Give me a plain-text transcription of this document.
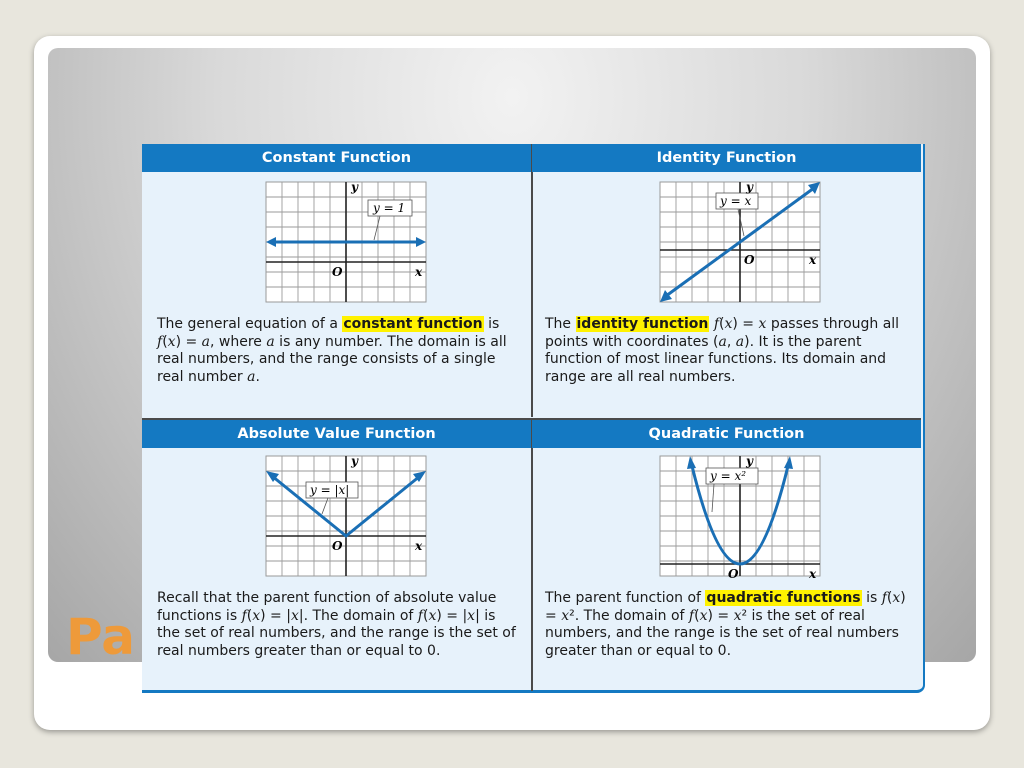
Pa
Constant Function
y = 1
y
x
O
The general equation of a constant function is f(x) = a, where a is any number. The domain is all real numbers, and the range consists of a single real number a.
Identity Function
y = x
y
x
O
The identity function f(x) = x passes through all points with coordinates (a, a). It is the parent function of most linear functions. Its domain and range are all real numbers.
Absolute Value Function
y = |x|
y
x
O
Recall that the parent function of absolute value functions is f(x) = |x|. The domain of f(x) = |x| is the set of real numbers, and the range is the set of real numbers greater than or equal to 0.
Quadratic Function
y = x²
y
x
O
The parent function of quadratic functions is f(x) = x². The domain of f(x) = x² is the set of real numbers, and the range is the set of real numbers greater than or equal to 0.
